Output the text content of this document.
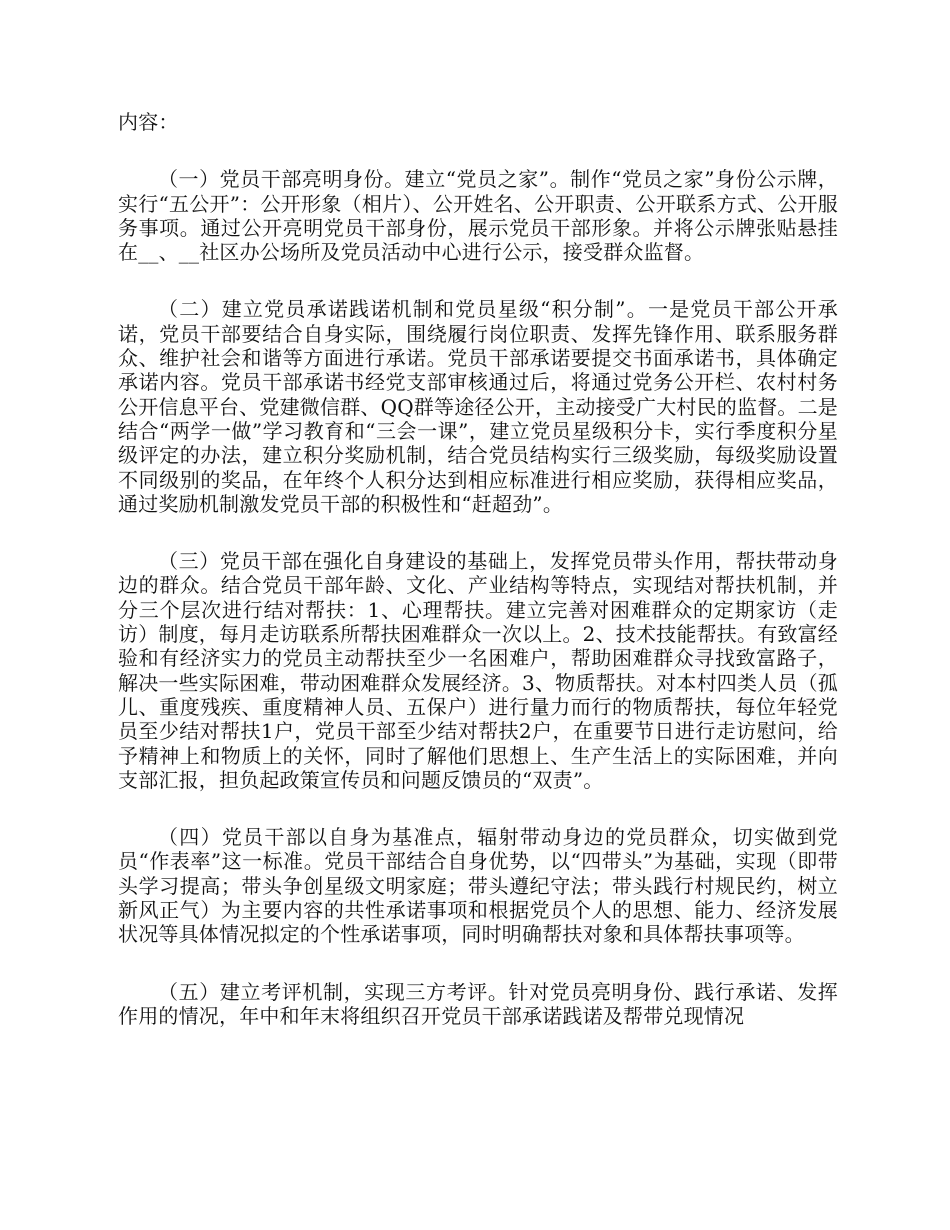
内容：

（一）党员干部亮明身份。建立“党员之家”。制作“党员之家”身份公示牌，实行“五公开”：公开形象（相片）、公开姓名、公开职责、公开联系方式、公开服务事项。通过公开亮明党员干部身份，展示党员干部形象。并将公示牌张贴悬挂在__、__社区办公场所及党员活动中心进行公示，接受群众监督。

（二）建立党员承诺践诺机制和党员星级“积分制”。一是党员干部公开承诺，党员干部要结合自身实际，围绕履行岗位职责、发挥先锋作用、联系服务群众、维护社会和谐等方面进行承诺。党员干部承诺要提交书面承诺书，具体确定承诺内容。党员干部承诺书经党支部审核通过后，将通过党务公开栏、农村村务公开信息平台、党建微信群、QQ群等途径公开，主动接受广大村民的监督。二是结合“两学一做”学习教育和“三会一课”，建立党员星级积分卡，实行季度积分星级评定的办法，建立积分奖励机制，结合党员结构实行三级奖励，每级奖励设置不同级别的奖品，在年终个人积分达到相应标准进行相应奖励，获得相应奖品，通过奖励机制激发党员干部的积极性和“赶超劲”。

（三）党员干部在强化自身建设的基础上，发挥党员带头作用，帮扶带动身边的群众。结合党员干部年龄、文化、产业结构等特点，实现结对帮扶机制，并分三个层次进行结对帮扶：1、心理帮扶。建立完善对困难群众的定期家访（走访）制度，每月走访联系所帮扶困难群众一次以上。2、技术技能帮扶。有致富经验和有经济实力的党员主动帮扶至少一名困难户，帮助困难群众寻找致富路子，解决一些实际困难，带动困难群众发展经济。3、物质帮扶。对本村四类人员（孤儿、重度残疾、重度精神人员、五保户）进行量力而行的物质帮扶，每位年轻党员至少结对帮扶1户，党员干部至少结对帮扶2户，在重要节日进行走访慰问，给予精神上和物质上的关怀，同时了解他们思想上、生产生活上的实际困难，并向支部汇报，担负起政策宣传员和问题反馈员的“双责”。

（四）党员干部以自身为基准点，辐射带动身边的党员群众，切实做到党员“作表率”这一标准。党员干部结合自身优势，以“四带头”为基础，实现（即带头学习提高；带头争创星级文明家庭；带头遵纪守法；带头践行村规民约，树立新风正气）为主要内容的共性承诺事项和根据党员个人的思想、能力、经济发展状况等具体情况拟定的个性承诺事项，同时明确帮扶对象和具体帮扶事项等。

（五）建立考评机制，实现三方考评。针对党员亮明身份、践行承诺、发挥作用的情况，年中和年末将组织召开党员干部承诺践诺及帮带兑现情况
